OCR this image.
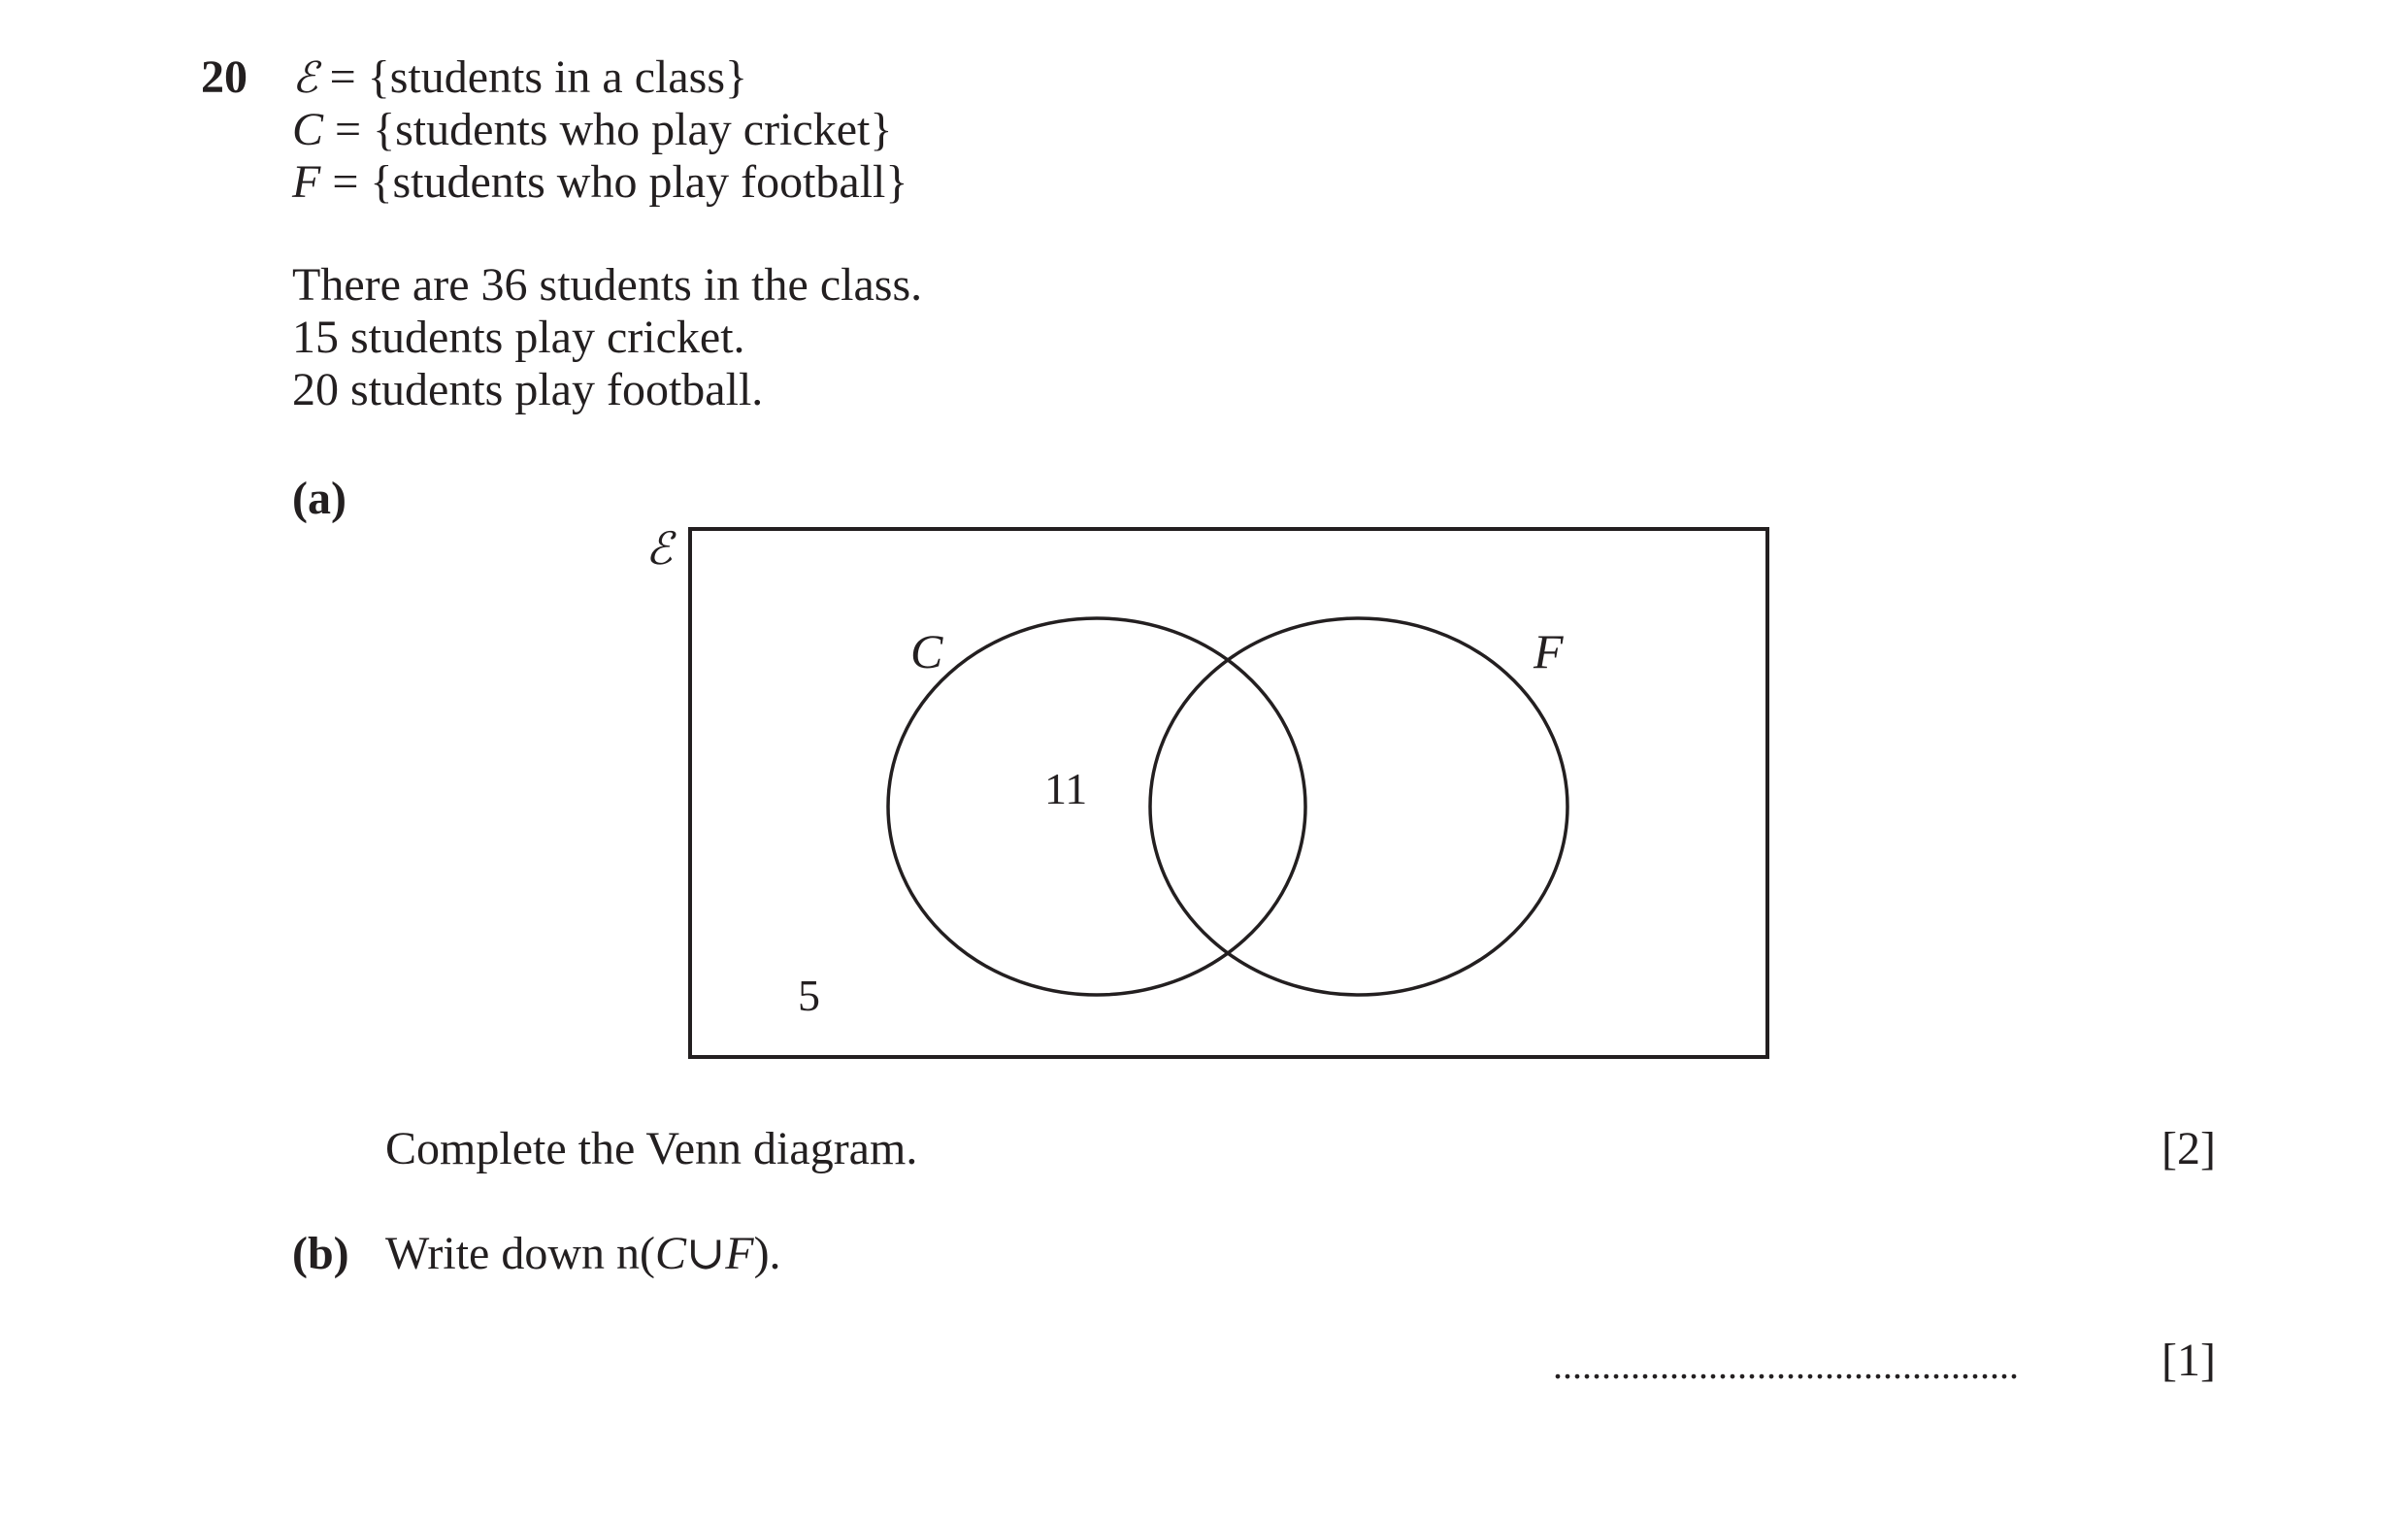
20 ℰ = {students in a class}
C = {students who play cricket}
F = {students who play football}
There are 36 students in the class.
15 students play cricket.
20 students play football.
(a)
ℰ
C	F
11
5
Complete the Venn diagram.	[2]
(b) Write down n(C∪F).
................................................	[1]
